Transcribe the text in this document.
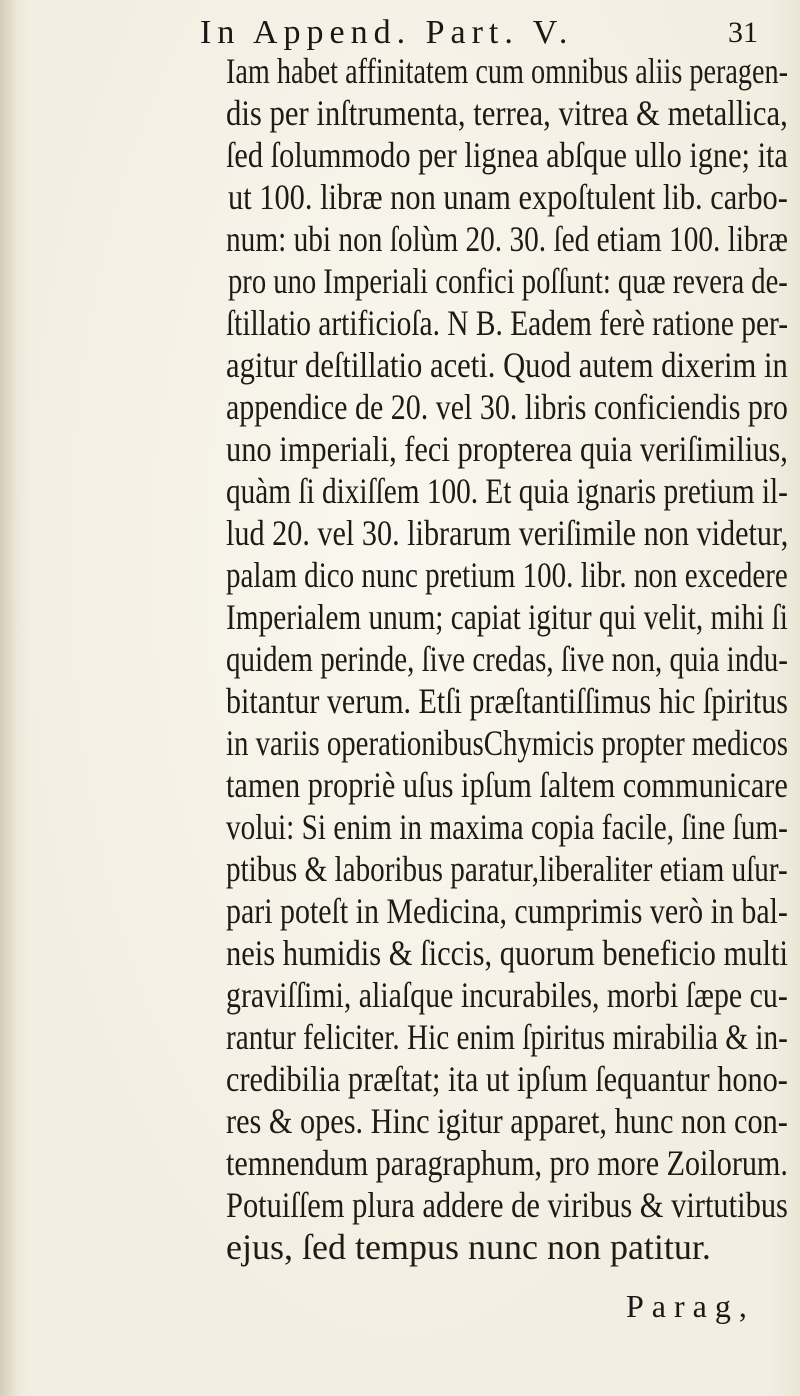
In Append. Part. V.	31
Iam habet affinitatem cum omnibus aliis peragen-
dis per inſtrumenta, terrea, vitrea & metallica,
ſed ſolummodo per lignea abſque ullo igne; ita
ut 100. libræ non unam expoſtulent lib. carbo-
num: ubi non ſolùm 20. 30. ſed etiam 100. libræ
pro uno Imperiali confici poſſunt: quæ revera de-
ſtillatio artificioſa. N B. Eadem ferè ratione per-
agitur deſtillatio aceti. Quod autem dixerim in
appendice de 20. vel 30. libris conficiendis pro
uno imperiali, feci propterea quia veriſimilius,
quàm ſi dixiſſem 100. Et quia ignaris pretium il-
lud 20. vel 30. librarum veriſimile non videtur,
palam dico nunc pretium 100. libr. non excedere
Imperialem unum; capiat igitur qui velit, mihi ſi
quidem perinde, ſive credas, ſive non, quia indu-
bitantur verum. Etſi præſtantiſſimus hic ſpiritus
in variis operationibusChymicis propter medicos
tamen propriè uſus ipſum ſaltem communicare
volui: Si enim in maxima copia facile, ſine ſum-
ptibus & laboribus paratur,liberaliter etiam uſur-
pari poteſt in Medicina, cumprimis verò in bal-
neis humidis & ſiccis, quorum beneficio multi
graviſſimi, aliaſque incurabiles, morbi ſæpe cu-
rantur feliciter. Hic enim ſpiritus mirabilia & in-
credibilia præſtat; ita ut ipſum ſequantur hono-
res & opes. Hinc igitur apparet, hunc non con-
temnendum paragraphum, pro more Zoilorum.
Potuiſſem plura addere de viribus & virtutibus
ejus, ſed tempus nunc non patitur.
Parag,
